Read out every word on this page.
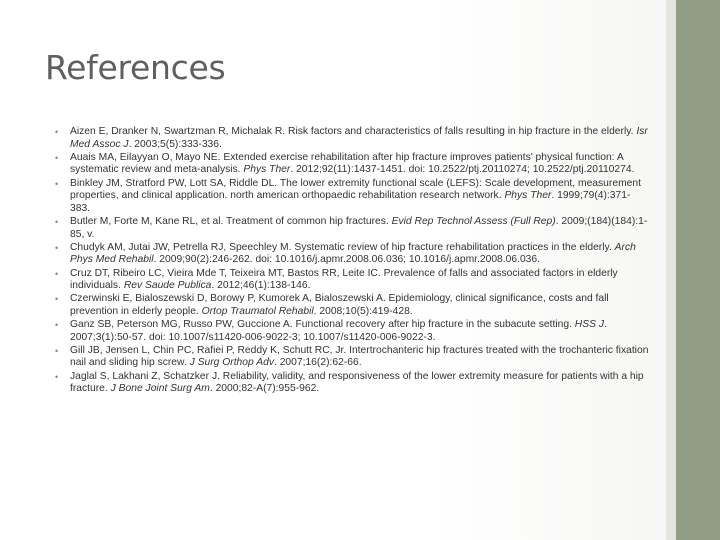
References
• Aizen E, Dranker N, Swartzman R, Michalak R. Risk factors and characteristics of falls resulting in hip fracture in the elderly. Isr Med Assoc J. 2003;5(5):333-336.
• Auais MA, Eilayyan O, Mayo NE. Extended exercise rehabilitation after hip fracture improves patients' physical function: A systematic review and meta-analysis. Phys Ther. 2012;92(11):1437-1451. doi: 10.2522/ptj.20110274; 10.2522/ptj.20110274.
• Binkley JM, Stratford PW, Lott SA, Riddle DL. The lower extremity functional scale (LEFS): Scale development, measurement properties, and clinical application. north american orthopaedic rehabilitation research network. Phys Ther. 1999;79(4):371-383.
• Butler M, Forte M, Kane RL, et al. Treatment of common hip fractures. Evid Rep Technol Assess (Full Rep). 2009;(184)(184):1-85, v.
• Chudyk AM, Jutai JW, Petrella RJ, Speechley M. Systematic review of hip fracture rehabilitation practices in the elderly. Arch Phys Med Rehabil. 2009;90(2):246-262. doi: 10.1016/j.apmr.2008.06.036; 10.1016/j.apmr.2008.06.036.
• Cruz DT, Ribeiro LC, Vieira Mde T, Teixeira MT, Bastos RR, Leite IC. Prevalence of falls and associated factors in elderly individuals. Rev Saude Publica. 2012;46(1):138-146.
• Czerwinski E, Bialoszewski D, Borowy P, Kumorek A, Bialoszewski A. Epidemiology, clinical significance, costs and fall prevention in elderly people. Ortop Traumatol Rehabil. 2008;10(5):419-428.
• Ganz SB, Peterson MG, Russo PW, Guccione A. Functional recovery after hip fracture in the subacute setting. HSS J. 2007;3(1):50-57. doi: 10.1007/s11420-006-9022-3; 10.1007/s11420-006-9022-3.
• Gill JB, Jensen L, Chin PC, Rafiei P, Reddy K, Schutt RC, Jr. Intertrochanteric hip fractures treated with the trochanteric fixation nail and sliding hip screw. J Surg Orthop Adv. 2007;16(2):62-66.
• Jaglal S, Lakhani Z, Schatzker J. Reliability, validity, and responsiveness of the lower extremity measure for patients with a hip fracture. J Bone Joint Surg Am. 2000;82-A(7):955-962.
